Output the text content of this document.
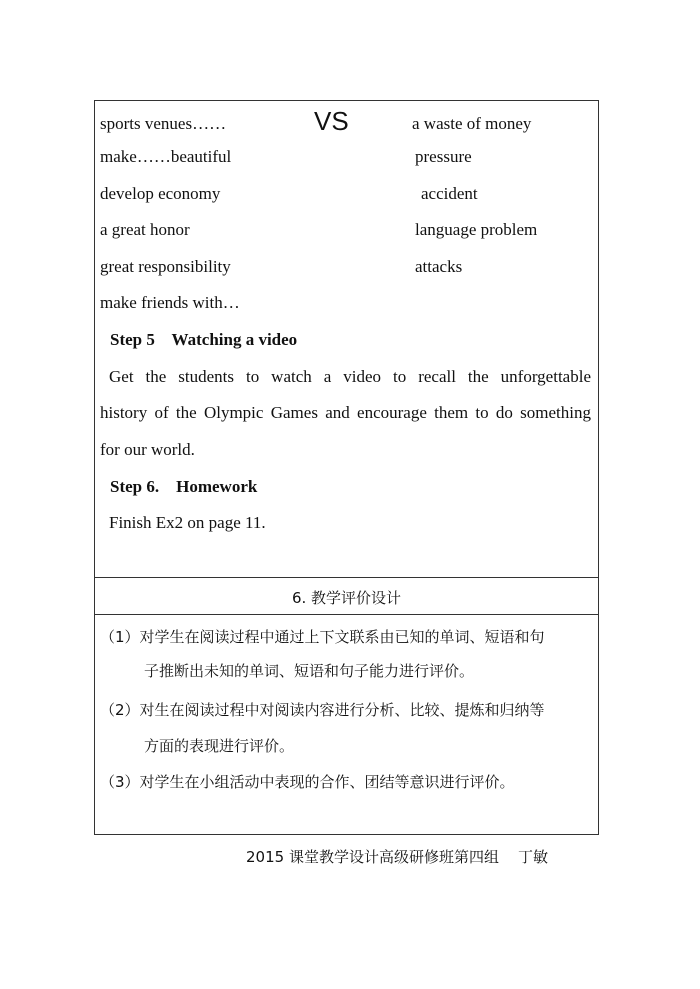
sports venues……	VS	a waste of money
make……beautiful	pressure
develop economy	accident
a great honor	language problem
great responsibility	attacks
make friends with…
Step 5    Watching a video
Get the students to watch a video to recall the unforgettable
history of the Olympic Games and encourage them to do something
for our world.
Step 6.    Homework
Finish Ex2 on page 11.
6. 教学评价设计
（1）对学生在阅读过程中通过上下文联系由已知的单词、短语和句
子推断出未知的单词、短语和句子能力进行评价。
（2）对生在阅读过程中对阅读内容进行分析、比较、提炼和归纳等
方面的表现进行评价。
（3）对学生在小组活动中表现的合作、团结等意识进行评价。
2015 课堂教学设计高级研修班第四组    丁敏
